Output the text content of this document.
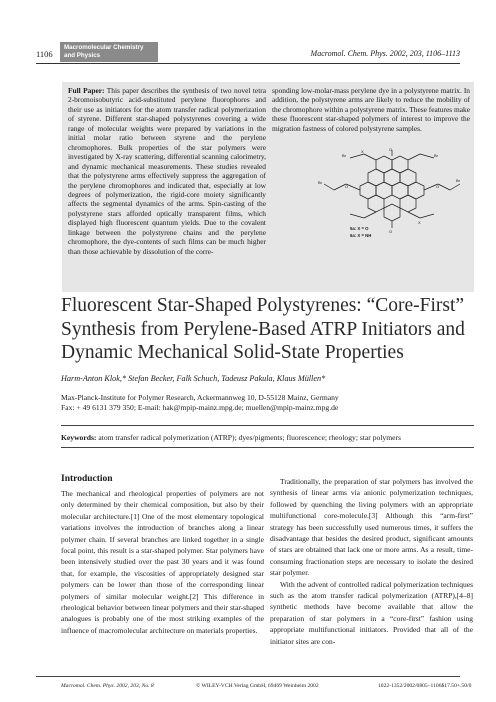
1106
Macromolecular Chemistry and Physics	Macromol. Chem. Phys. 2002, 203, 1106–1113
Full Paper: This paper describes the synthesis of two novel tetra 2-bromoisobutyric acid-substituted perylene fluorophores and their use as initiators for the atom transfer radical polymerization of styrene. Different star-shaped polystyrenes covering a wide range of molecular weights were prepared by variations in the initial molar ratio between styrene and the perylene chromophores. Bulk properties of the star polymers were investigated by X-ray scattering, differential scanning calorimetry, and dynamic mechanical measurements. These studies revealed that the polystyrene arms effectively suppress the aggregation of the perylene chromophores and indicated that, especially at low degrees of polymerization, the rigid-core moiety significantly affects the segmental dynamics of the arms. Spin-casting of the polystyrene stars afforded optically transparent films, which displayed high fluorescent quantum yields. Due to the covalent linkage between the polystyrene chains and the perylene chromophore, the dye-contents of such films can be much higher than those achievable by dissolution of the corre-
sponding low-molar-mass perylene dye in a polystyrene matrix. In addition, the polystyrene arms are likely to reduce the mobility of the chromophore within a polystyrene matrix. These features make these fluorescent star-shaped polymers of interest to improve the migration fastness of colored polystyrene samples.
Br	Br
Br	Br
O
O
O	O
X
X
5a: X = O
6a: X = NH
Fluorescent Star-Shaped Polystyrenes: “Core-First” Synthesis from Perylene-Based ATRP Initiators and Dynamic Mechanical Solid-State Properties
Harm-Anton Klok,* Stefan Becker, Falk Schuch, Tadeusz Pakula, Klaus Müllen*
Max-Planck-Institute for Polymer Research, Ackermannweg 10, D-55128 Mainz, Germany
Fax: + 49 6131 379 350; E-mail: hak@mpip-mainz.mpg.de; muellen@mpip-mainz.mpg.de
Keywords: atom transfer radical polymerization (ATRP); dyes/pigments; fluorescence; rheology; star polymers
Introduction

The mechanical and rheological properties of polymers are not only determined by their chemical composition, but also by their molecular architecture.[1] One of the most elementary topological variations involves the introduction of branches along a linear polymer chain. If several branches are linked together in a single focal point, this result is a star-shaped polymer. Star polymers have been intensively studied over the past 30 years and it was found that, for example, the viscosities of appropriately designed star polymers can be lower than those of the corresponding linear polymers of similar molecular weight.[2] This difference in rheological behavior between linear polymers and their star-shaped analogues is probably one of the most striking examples of the influence of macromolecular architecture on materials properties.

Traditionally, the preparation of star polymers has involved the synthesis of linear arms via anionic polymerization techniques, followed by quenching the living polymers with an appropriate multifunctional core-molecule.[3] Although this “arm-first” strategy has been successfully used numerous times, it suffers the disadvantage that besides the desired product, significant amounts of stars are obtained that lack one or more arms. As a result, time-consuming fractionation steps are necessary to isolate the desired star polymer.

With the advent of controlled radical polymerization techniques such as the atom transfer radical polymerization (ATRP),[4–8] synthetic methods have become available that allow the preparation of star polymers in a “core-first” fashion using appropriate multifunctional initiators. Provided that all of the initiator sites are con-

Macromol. Chem. Phys. 2002, 203, No. 8	© WILEY-VCH Verlag GmbH, 69469 Weinheim 2002	1022-1352/2002/0805–1106$17.50+.50/0
